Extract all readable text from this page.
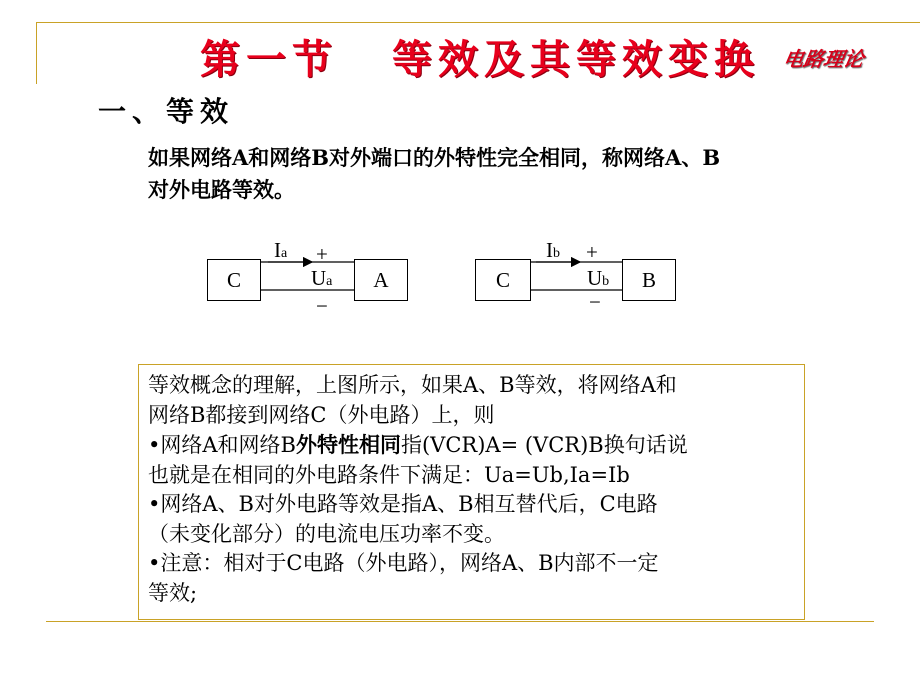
第一节 等效及其等效变换	电路理论
一、等效
如果网络A和网络B对外端口的外特性完全相同，称网络A、B
对外电路等效。
C	A
Ia +
Ua
−
C	B
Ib +
Ub
−
等效概念的理解，上图所示，如果A、B等效，将网络A和
网络B都接到网络C（外电路）上，则
•网络A和网络B外特性相同指(VCR)A= (VCR)B换句话说
也就是在相同的外电路条件下满足：Ua=Ub,Ia=Ib
•网络A、B对外电路等效是指A、B相互替代后，C电路
（未变化部分）的电流电压功率不变。
•注意：相对于C电路（外电路），网络A、B内部不一定
等效;
